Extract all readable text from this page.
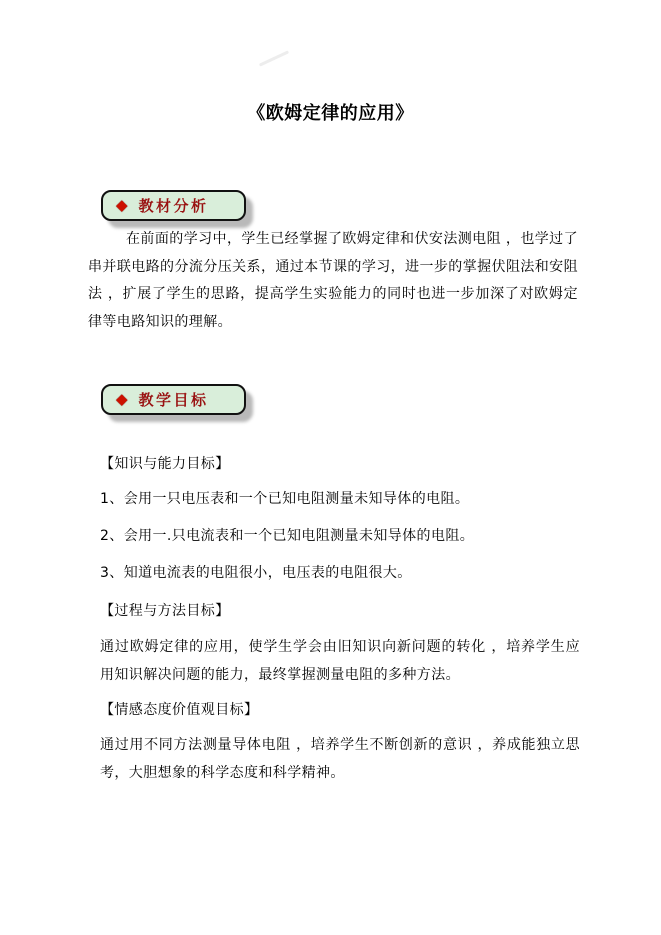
《欧姆定律的应用》
◆ 教材分析
在前面的学习中，学生已经掌握了欧姆定律和伏安法测电阻 ，也学过了串并联电路的分流分压关系，通过本节课的学习，进一步的掌握伏阻法和安阻法 ，扩展了学生的思路，提高学生实验能力的同时也进一步加深了对欧姆定律等电路知识的理解。
◆ 教学目标
【知识与能力目标】
1、会用一只电压表和一个已知电阻测量未知导体的电阻。
2、会用一.只电流表和一个已知电阻测量未知导体的电阻。
3、知道电流表的电阻很小，电压表的电阻很大。
【过程与方法目标】
通过欧姆定律的应用，使学生学会由旧知识向新问题的转化 ，培养学生应用知识解决问题的能力，最终掌握测量电阻的多种方法。
【情感态度价值观目标】
通过用不同方法测量导体电阻 ，培养学生不断创新的意识 ，养成能独立思考，大胆想象的科学态度和科学精神。
